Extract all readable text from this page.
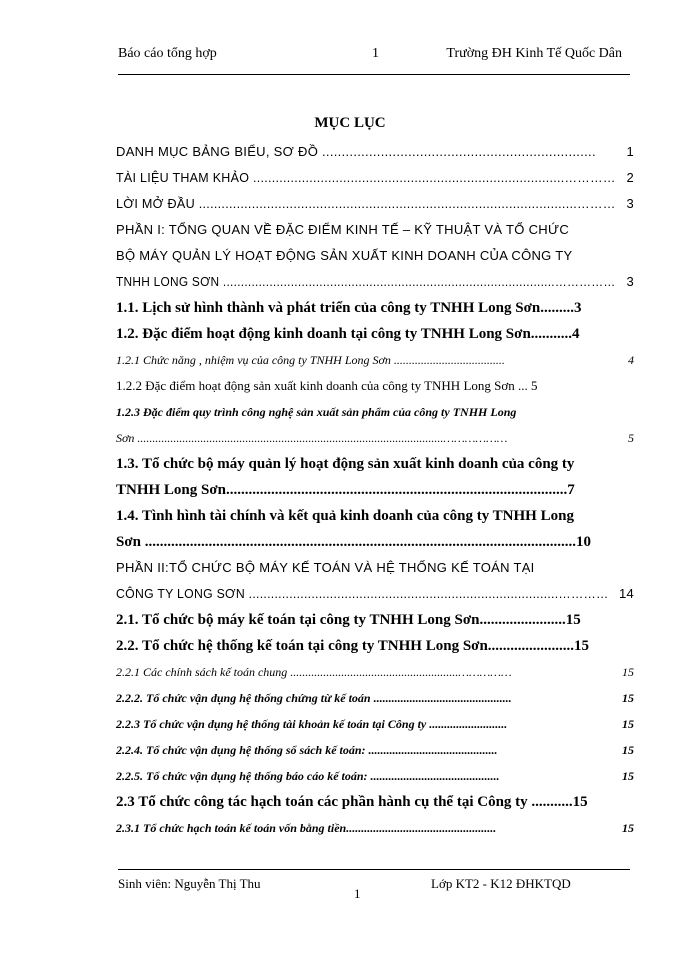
Báo cáo tổng hợp	1	Trường ĐH Kinh Tế Quốc Dân
MỤC LỤC
DANH MỤC BẢNG BIỂU, SƠ ĐỒ ...................................................................... 1
TÀI LIỆU THAM KHẢO ...................................................................................………… 2
LỜI MỞ ĐẦU ....................................................................................................……… 3
PHẦN I: TỔNG QUAN VỀ ĐẶC ĐIỂM KINH TẾ – KỸ THUẬT VÀ TỔ CHỨC
BỘ MÁY QUẢN LÝ HOẠT ĐỘNG SẢN XUẤT KINH DOANH CỦA CÔNG TY
TNHH LONG SƠN .............................................................................................…………… 3
1.1. Lịch sử hình thành và phát triển của công ty TNHH Long Sơn.........3
1.2. Đặc điểm hoạt động kinh doanh tại công ty TNHH Long Sơn...........4
1.2.1 Chức năng , nhiệm vụ của công ty TNHH Long Sơn .....................................	4
1.2.2 Đặc điểm hoạt động sản xuất kinh doanh của công ty TNHH Long Sơn ... 5
1.2.3 Đặc điểm quy trình công nghệ sản xuất sản phẩm của công ty TNHH Long
Sơn ......................................................................................................………………	5
1.3. Tổ chức bộ máy quản lý hoạt động sản xuất kinh doanh của công ty
TNHH Long Sơn...........................................................................................7
1.4. Tình hình tài chính và kết quả kinh doanh của công ty TNHH Long
Sơn ...................................................................................................................10
PHẦN II:TỔ CHỨC BỘ MÁY KẾ TOÁN VÀ HỆ THỐNG KẾ TOÁN TẠI
CÔNG TY LONG SƠN ....................................................................................………… 14
2.1. Tổ chức bộ máy kế toán tại công ty TNHH Long Sơn.......................15
2.2. Tổ chức hệ thống kế toán tại công ty TNHH Long Sơn.......................15
2.2.1 Các chính sách kế toán chung ........................................................……………	15
2.2.2. Tổ chức vận dụng hệ thống chứng từ kế toán ..............................................	15
2.2.3 Tổ chức vận dụng hệ thống tài khoản kế toán tại Công ty ..........................	15
2.2.4. Tổ chức vận dụng hệ thống sổ sách kế toán: ...........................................	15
2.2.5. Tổ chức vận dụng hệ thống báo cáo kế toán: ...........................................	15
2.3 Tổ chức công tác hạch toán các phần hành cụ thể tại Công ty ...........15
2.3.1 Tổ chức hạch toán kế toán vốn bằng tiền..................................................	15
Sinh viên: Nguyễn Thị Thu
1
Lớp KT2 - K12 ĐHKTQD
